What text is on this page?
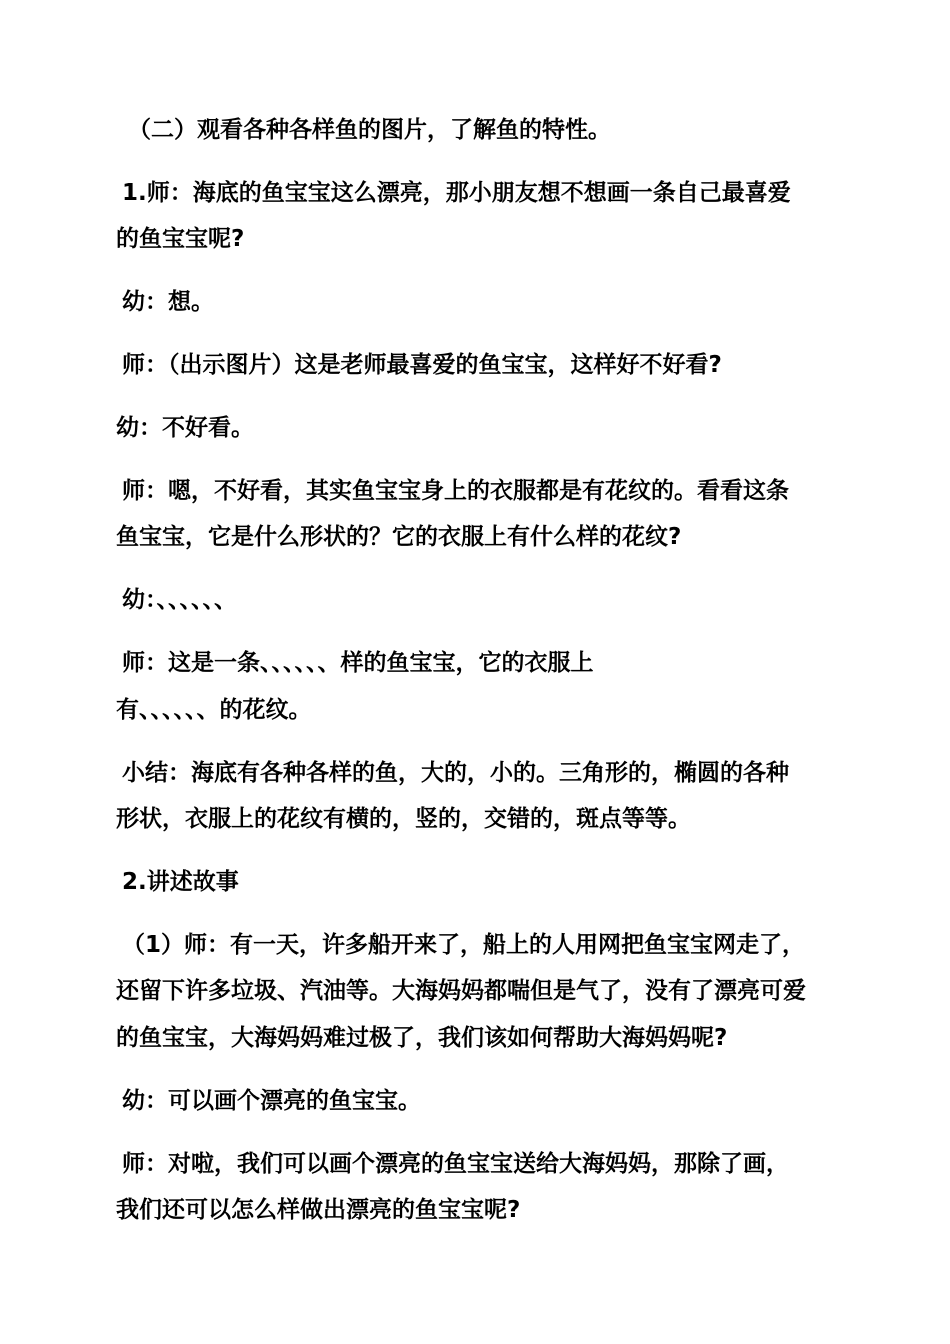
（二）观看各种各样鱼的图片，了解鱼的特性。
1.师：海底的鱼宝宝这么漂亮，那小朋友想不想画一条自己最喜爱
的鱼宝宝呢?
幼：想。
师：（出示图片）这是老师最喜爱的鱼宝宝，这样好不好看?
幼：不好看。
师：嗯，不好看，其实鱼宝宝身上的衣服都是有花纹的。看看这条
鱼宝宝，它是什么形状的？它的衣服上有什么样的花纹?
幼：、、、、、、
师：这是一条、、、、、、样的鱼宝宝，它的衣服上
有、、、、、、的花纹。
小结：海底有各种各样的鱼，大的，小的。三角形的，椭圆的各种
形状，衣服上的花纹有横的，竖的，交错的，斑点等等。
2.讲述故事
（1）师：有一天，许多船开来了，船上的人用网把鱼宝宝网走了，
还留下许多垃圾、汽油等。大海妈妈都喘但是气了，没有了漂亮可爱
的鱼宝宝，大海妈妈难过极了，我们该如何帮助大海妈妈呢?
幼：可以画个漂亮的鱼宝宝。
师：对啦，我们可以画个漂亮的鱼宝宝送给大海妈妈，那除了画，
我们还可以怎么样做出漂亮的鱼宝宝呢?
